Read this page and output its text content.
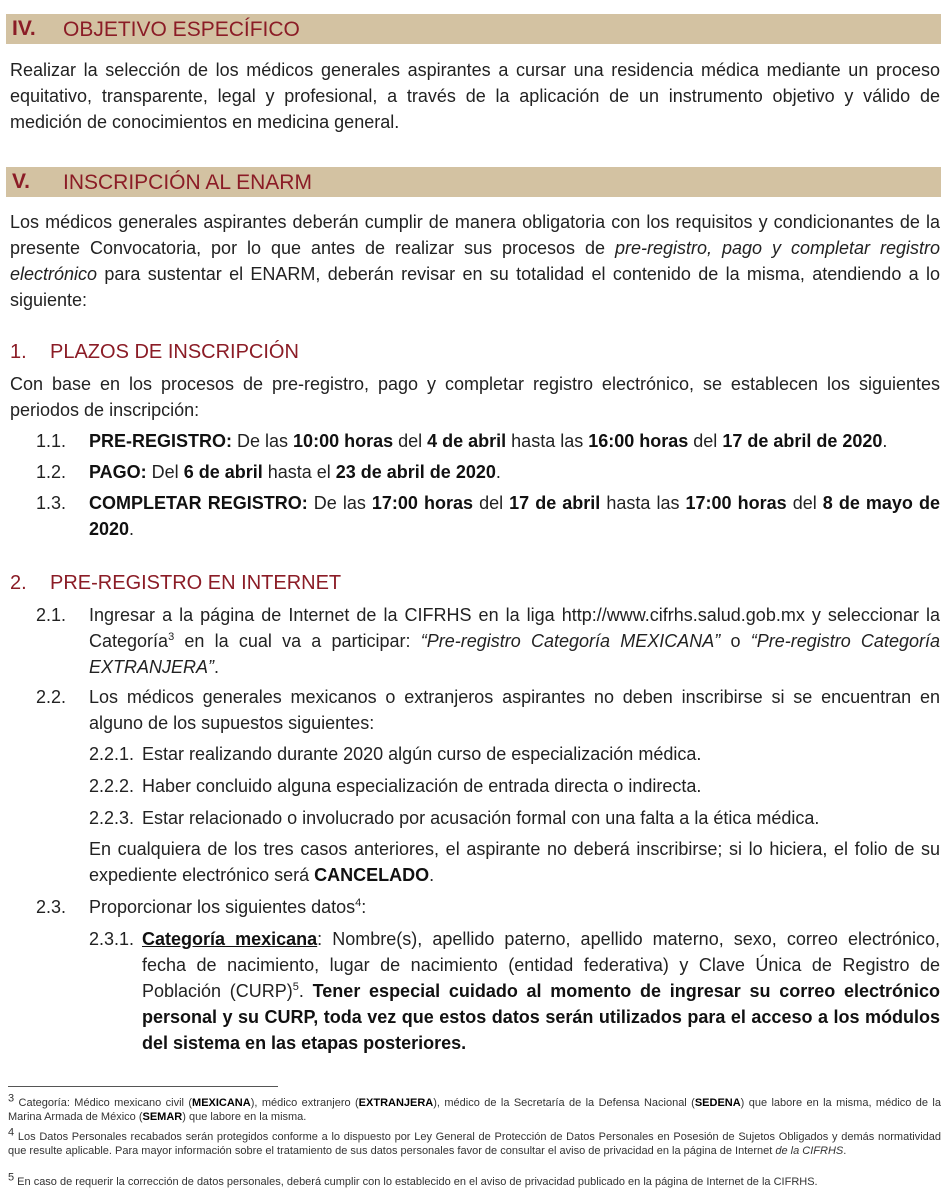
IV. OBJETIVO ESPECÍFICO

Realizar la selección de los médicos generales aspirantes a cursar una residencia médica mediante un proceso equitativo, transparente, legal y profesional, a través de la aplicación de un instrumento objetivo y válido de medición de conocimientos en medicina general.

V. INSCRIPCIÓN AL ENARM

Los médicos generales aspirantes deberán cumplir de manera obligatoria con los requisitos y condicionantes de la presente Convocatoria, por lo que antes de realizar sus procesos de pre-registro, pago y completar registro electrónico para sustentar el ENARM, deberán revisar en su totalidad el contenido de la misma, atendiendo a lo siguiente:

1. PLAZOS DE INSCRIPCIÓN

Con base en los procesos de pre-registro, pago y completar registro electrónico, se establecen los siguientes periodos de inscripción:

1.1. PRE-REGISTRO: De las 10:00 horas del 4 de abril hasta las 16:00 horas del 17 de abril de 2020.
1.2. PAGO: Del 6 de abril hasta el 23 de abril de 2020.
1.3. COMPLETAR REGISTRO: De las 17:00 horas del 17 de abril hasta las 17:00 horas del 8 de mayo de 2020.
2. PRE-REGISTRO EN INTERNET
2.1. Ingresar a la página de Internet de la CIFRHS en la liga http://www.cifrhs.salud.gob.mx y seleccionar la Categoría$^3$ en la cual va a participar: “Pre-registro Categoría MEXICANA” o “Pre-registro Categoría EXTRANJERA”.
2.2. Los médicos generales mexicanos o extranjeros aspirantes no deben inscribirse si se encuentran en alguno de los supuestos siguientes:
2.2.1. Estar realizando durante 2020 algún curso de especialización médica.
2.2.2. Haber concluido alguna especialización de entrada directa o indirecta.
2.2.3. Estar relacionado o involucrado por acusación formal con una falta a la ética médica.

En cualquiera de los tres casos anteriores, el aspirante no deberá inscribirse; si lo hiciera, el folio de su expediente electrónico será CANCELADO.

2.3. Proporcionar los siguientes datos$^4$:
2.3.1. Categoría mexicana: Nombre(s), apellido paterno, apellido materno, sexo, correo electrónico, fecha de nacimiento, lugar de nacimiento (entidad federativa) y Clave Única de Registro de Población (CURP)$^5$. Tener especial cuidado al momento de ingresar su correo electrónico personal y su CURP, toda vez que estos datos serán utilizados para el acceso a los módulos del sistema en las etapas posteriores.
$^3$ Categoría: Médico mexicano civil (MEXICANA), médico extranjero (EXTRANJERA), médico de la Secretaría de la Defensa Nacional (SEDENA) que labore en la misma, médico de la Marina Armada de México (SEMAR) que labore en la misma.
$^4$ Los Datos Personales recabados serán protegidos conforme a lo dispuesto por Ley General de Protección de Datos Personales en Posesión de Sujetos Obligados y demás normatividad que resulte aplicable. Para mayor información sobre el tratamiento de sus datos personales favor de consultar el aviso de privacidad en la página de Internet de la CIFRHS.
$^5$ En caso de requerir la corrección de datos personales, deberá cumplir con lo establecido en el aviso de privacidad publicado en la página de Internet de la CIFRHS.
